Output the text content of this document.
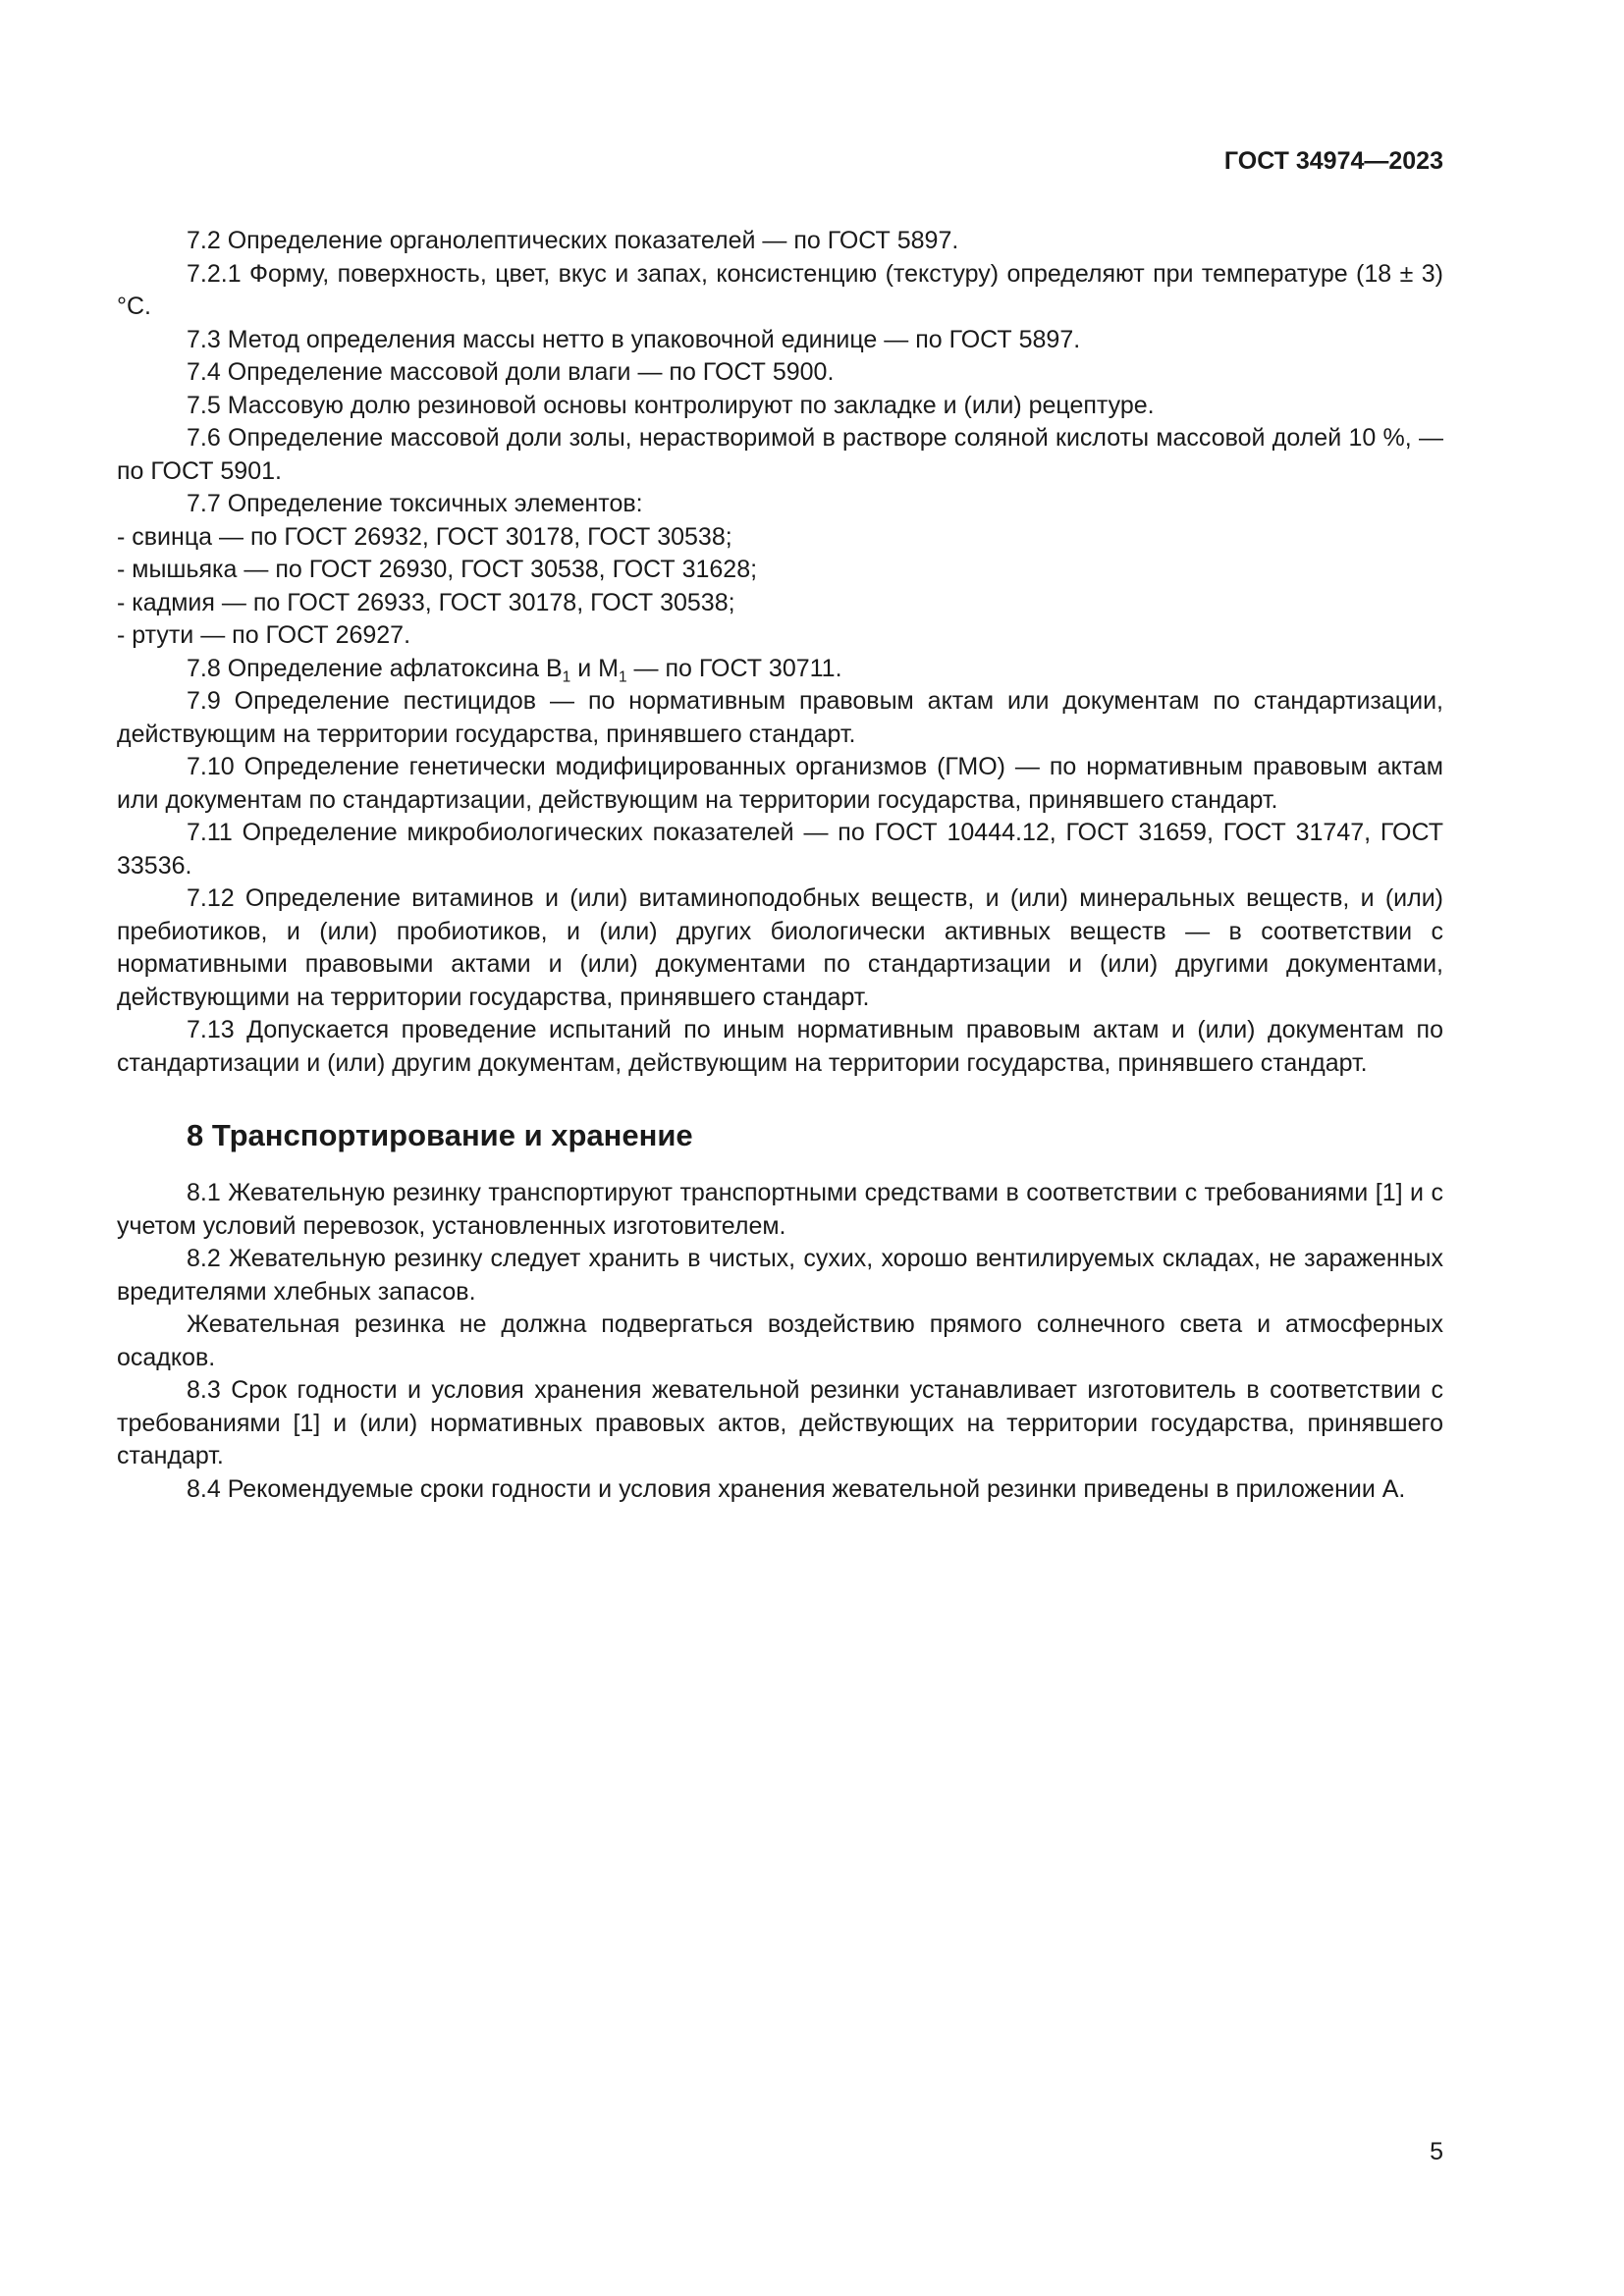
ГОСТ 34974—2023

7.2 Определение органолептических показателей — по ГОСТ 5897.

7.2.1 Форму, поверхность, цвет, вкус и запах, консистенцию (текстуру) определяют при температуре (18 ± 3) °С.

7.3 Метод определения массы нетто в упаковочной единице — по ГОСТ 5897.

7.4 Определение массовой доли влаги — по ГОСТ 5900.

7.5 Массовую долю резиновой основы контролируют по закладке и (или) рецептуре.

7.6 Определение массовой доли золы, нерастворимой в растворе соляной кислоты массовой долей 10 %, — по ГОСТ 5901.

7.7 Определение токсичных элементов:

- свинца — по ГОСТ 26932, ГОСТ 30178, ГОСТ 30538;

- мышьяка — по ГОСТ 26930, ГОСТ 30538, ГОСТ 31628;

- кадмия — по ГОСТ 26933, ГОСТ 30178, ГОСТ 30538;

- ртути — по ГОСТ 26927.

7.8 Определение афлатоксина $В_1$ и $М_1$ — по ГОСТ 30711.

7.9 Определение пестицидов — по нормативным правовым актам или документам по стандартизации, действующим на территории государства, принявшего стандарт.

7.10 Определение генетически модифицированных организмов (ГМО) — по нормативным правовым актам или документам по стандартизации, действующим на территории государства, принявшего стандарт.

7.11 Определение микробиологических показателей — по ГОСТ 10444.12, ГОСТ 31659, ГОСТ 31747, ГОСТ 33536.

7.12 Определение витаминов и (или) витаминоподобных веществ, и (или) минеральных веществ, и (или) пребиотиков, и (или) пробиотиков, и (или) других биологически активных веществ — в соответствии с нормативными правовыми актами и (или) документами по стандартизации и (или) другими документами, действующими на территории государства, принявшего стандарт.

7.13 Допускается проведение испытаний по иным нормативным правовым актам и (или) документам по стандартизации и (или) другим документам, действующим на территории государства, принявшего стандарт.

8 Транспортирование и хранение

8.1 Жевательную резинку транспортируют транспортными средствами в соответствии с требованиями [1] и с учетом условий перевозок, установленных изготовителем.

8.2 Жевательную резинку следует хранить в чистых, сухих, хорошо вентилируемых складах, не зараженных вредителями хлебных запасов.

Жевательная резинка не должна подвергаться воздействию прямого солнечного света и атмосферных осадков.

8.3 Срок годности и условия хранения жевательной резинки устанавливает изготовитель в соответствии с требованиями [1] и (или) нормативных правовых актов, действующих на территории государства, принявшего стандарт.

8.4 Рекомендуемые сроки годности и условия хранения жевательной резинки приведены в приложении А.

5
